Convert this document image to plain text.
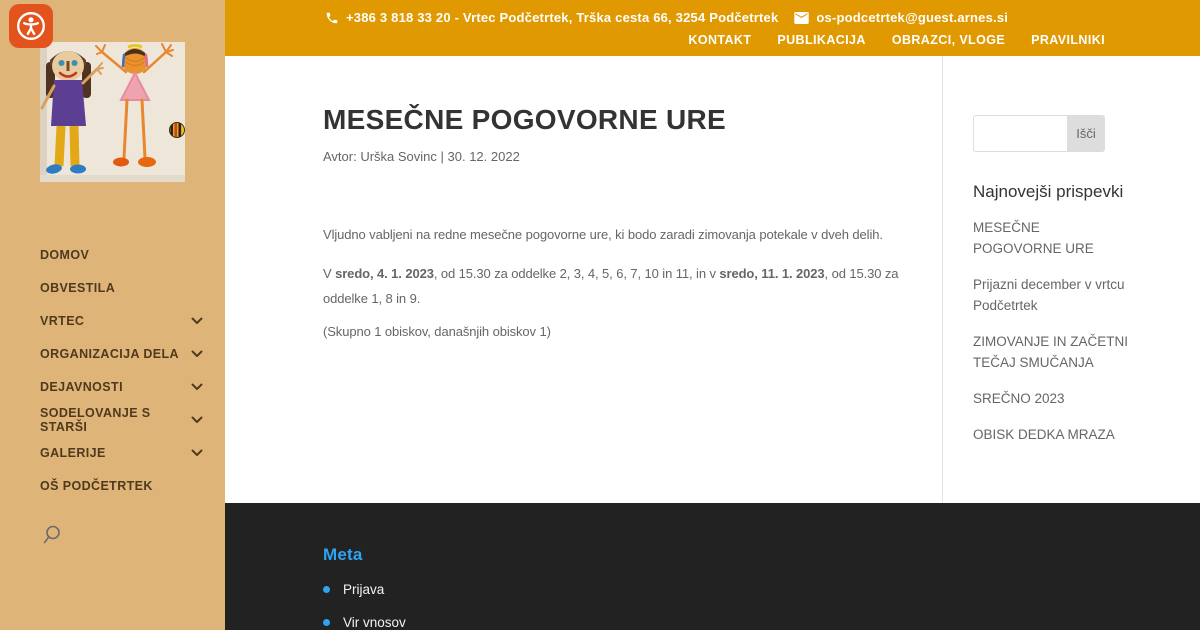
DOMOV
OBVESTILA
VRTEC
ORGANIZACIJA DELA
DEJAVNOSTI
SODELOVANJE S STARŠI
GALERIJE
OŠ PODČETRTEK
+386 3 818 33 20 - Vrtec Podčetrtek, Trška cesta 66, 3254 Podčetrtek	os-podcetrtek@guest.arnes.si
KONTAKT PUBLIKACIJA OBRAZCI, VLOGE PRAVILNIKI
MESEČNE POGOVORNE URE
Avtor: Urška Sovinc | 30. 12. 2022

Vljudno vabljeni na redne mesečne pogovorne ure, ki bodo zaradi zimovanja potekale v dveh delih.

V sredo, 4. 1. 2023, od 15.30 za oddelke 2, 3, 4, 5, 6, 7, 10 in 11, in v sredo, 11. 1. 2023, od 15.30 za oddelke 1, 8 in 9.

(Skupno 1 obiskov, današnjih obiskov 1)

Išči
Najnovejši prispevki
MESEČNE POGOVORNE URE
Prijazni december v vrtcu Podčetrtek
ZIMOVANJE IN ZAČETNI TEČAJ SMUČANJA
SREČNO 2023
OBISK DEDKA MRAZA
Meta
Prijava
Vir vnosov
